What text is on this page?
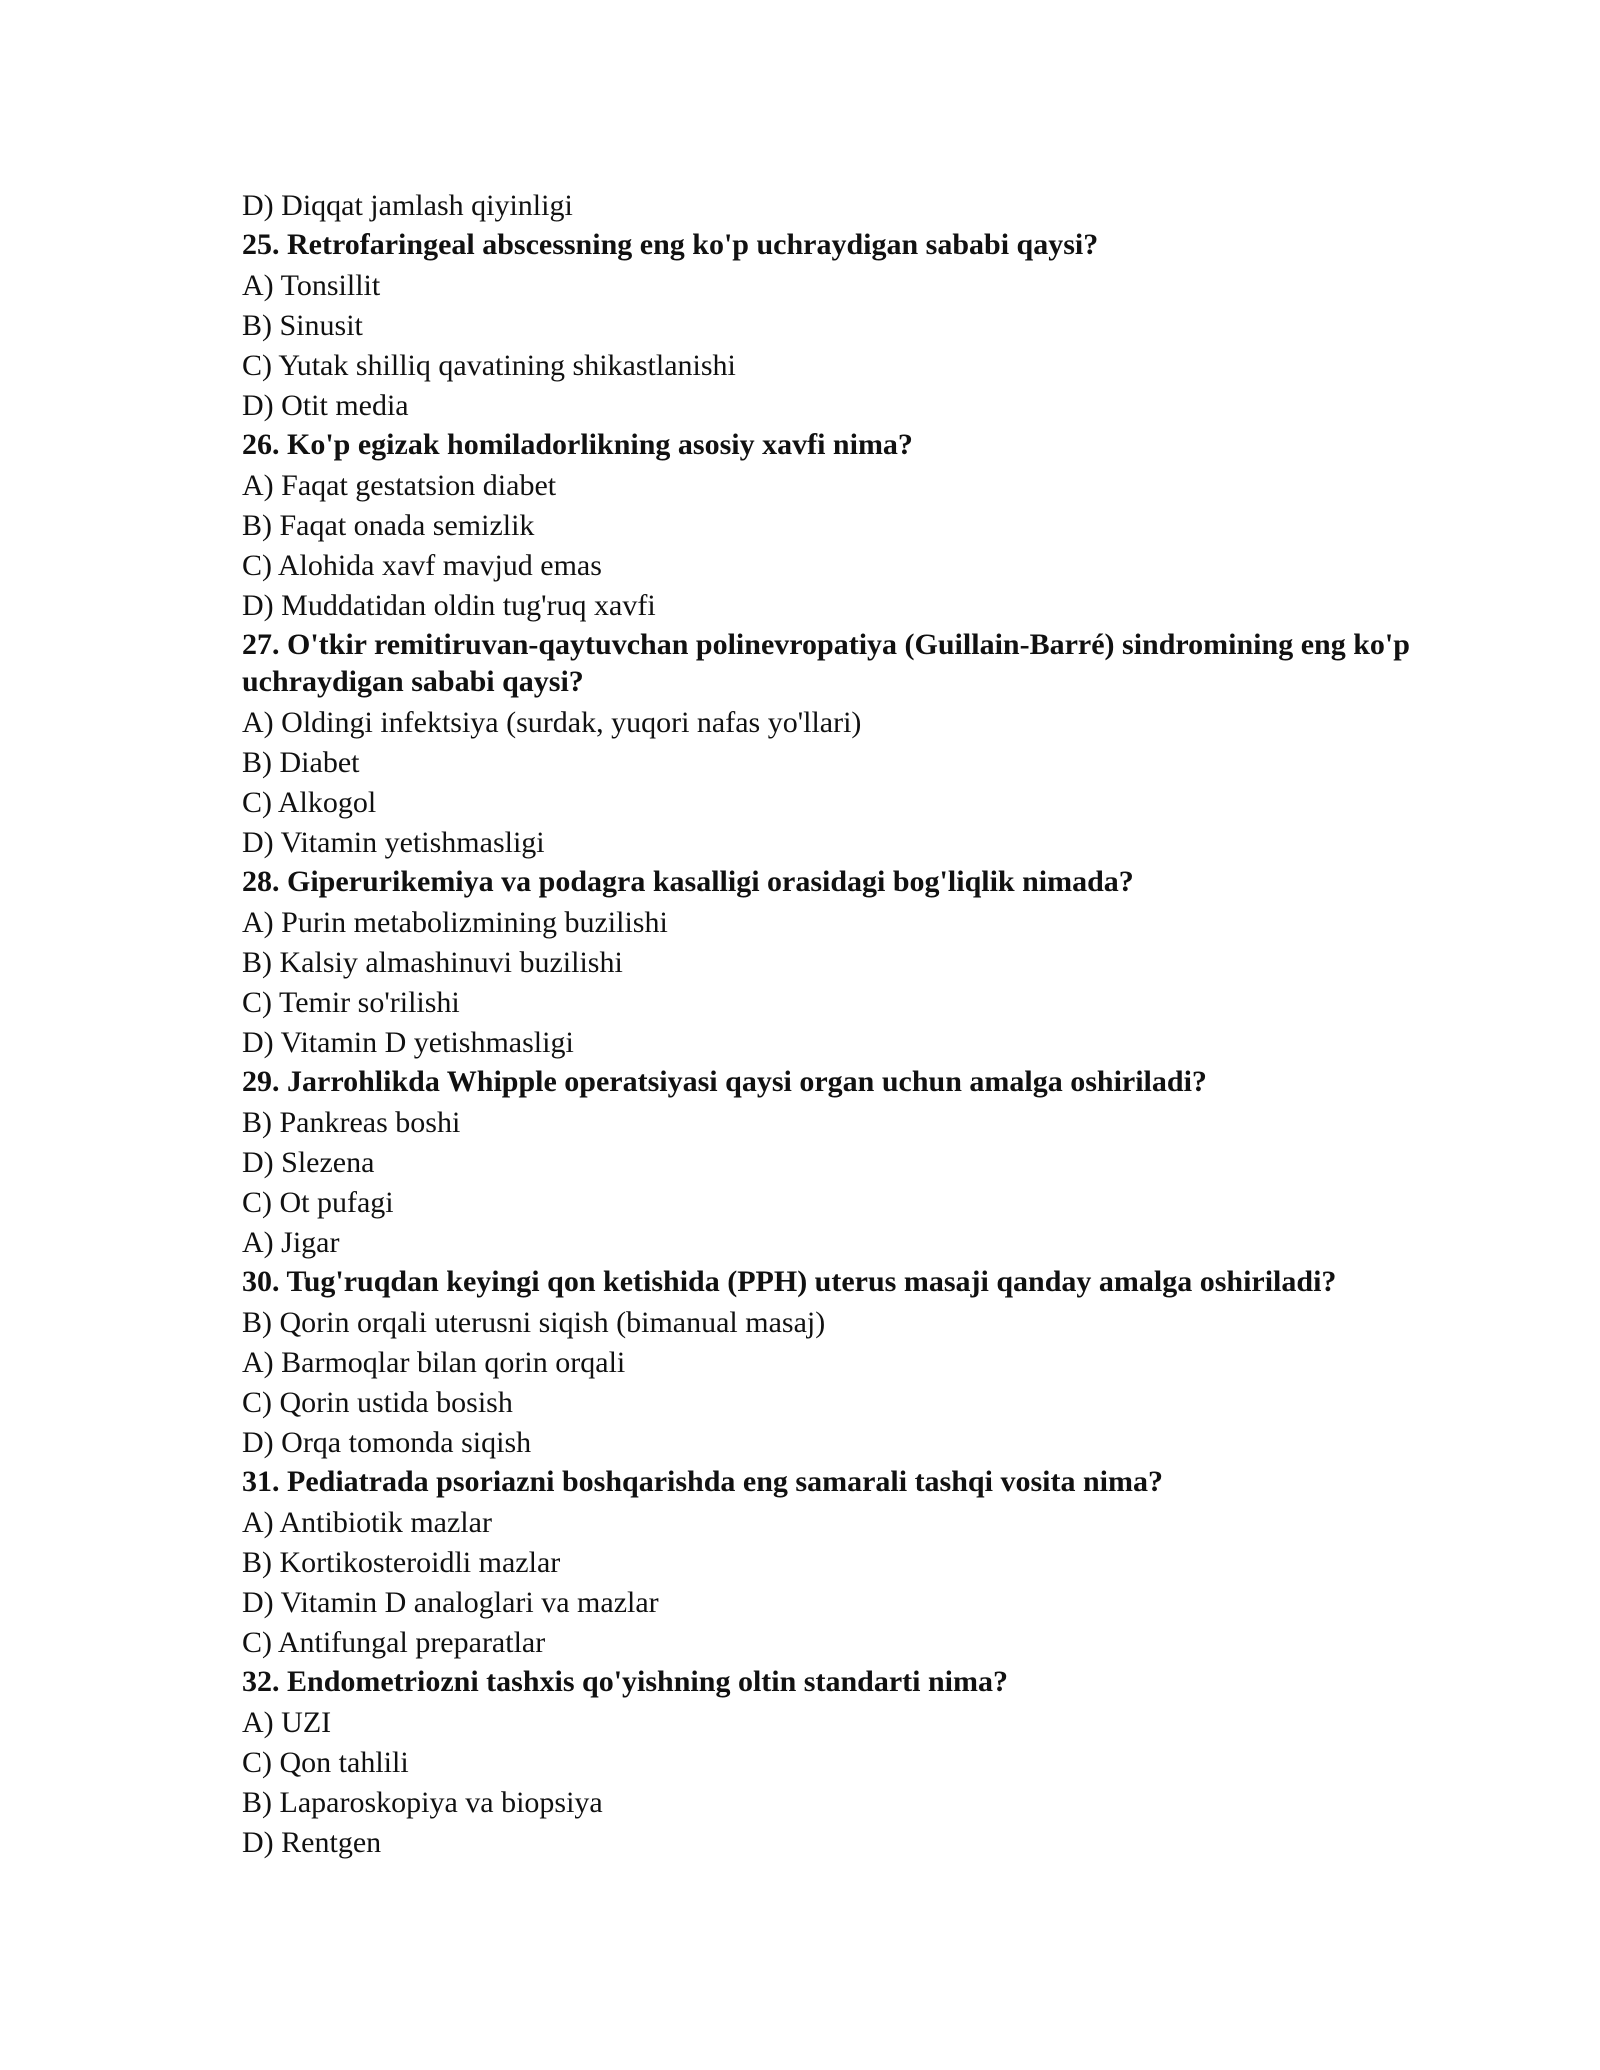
D) Diqqat jamlash qiyinligi

25. Retrofaringeal abscessning eng ko'p uchraydigan sababi qaysi?

A) Tonsillit

B) Sinusit

C) Yutak shilliq qavatining shikastlanishi

D) Otit media

26. Ko'p egizak homiladorlikning asosiy xavfi nima?

A) Faqat gestatsion diabet

B) Faqat onada semizlik

C) Alohida xavf mavjud emas

D) Muddatidan oldin tug'ruq xavfi

27. O'tkir remitiruvan-qaytuvchan polinevropatiya (Guillain-Barré) sindromining eng ko'p uchraydigan sababi qaysi?

A) Oldingi infektsiya (surdak, yuqori nafas yo'llari)

B) Diabet

C) Alkogol

D) Vitamin yetishmasligi

28. Giperurikemiya va podagra kasalligi orasidagi bog'liqlik nimada?

A) Purin metabolizmining buzilishi

B) Kalsiy almashinuvi buzilishi

C) Temir so'rilishi

D) Vitamin D yetishmasligi

29. Jarrohlikda Whipple operatsiyasi qaysi organ uchun amalga oshiriladi?

B) Pankreas boshi

D) Slezena

C) Ot pufagi

A) Jigar

30. Tug'ruqdan keyingi qon ketishida (PPH) uterus masaji qanday amalga oshiriladi?

B) Qorin orqali uterusni siqish (bimanual masaj)

A) Barmoqlar bilan qorin orqali

C) Qorin ustida bosish

D) Orqa tomonda siqish

31. Pediatrada psoriazni boshqarishda eng samarali tashqi vosita nima?

A) Antibiotik mazlar

B) Kortikosteroidli mazlar

D) Vitamin D analoglari va mazlar

C) Antifungal preparatlar

32. Endometriozni tashxis qo'yishning oltin standarti nima?

A) UZI

C) Qon tahlili

B) Laparoskopiya va biopsiya

D) Rentgen
